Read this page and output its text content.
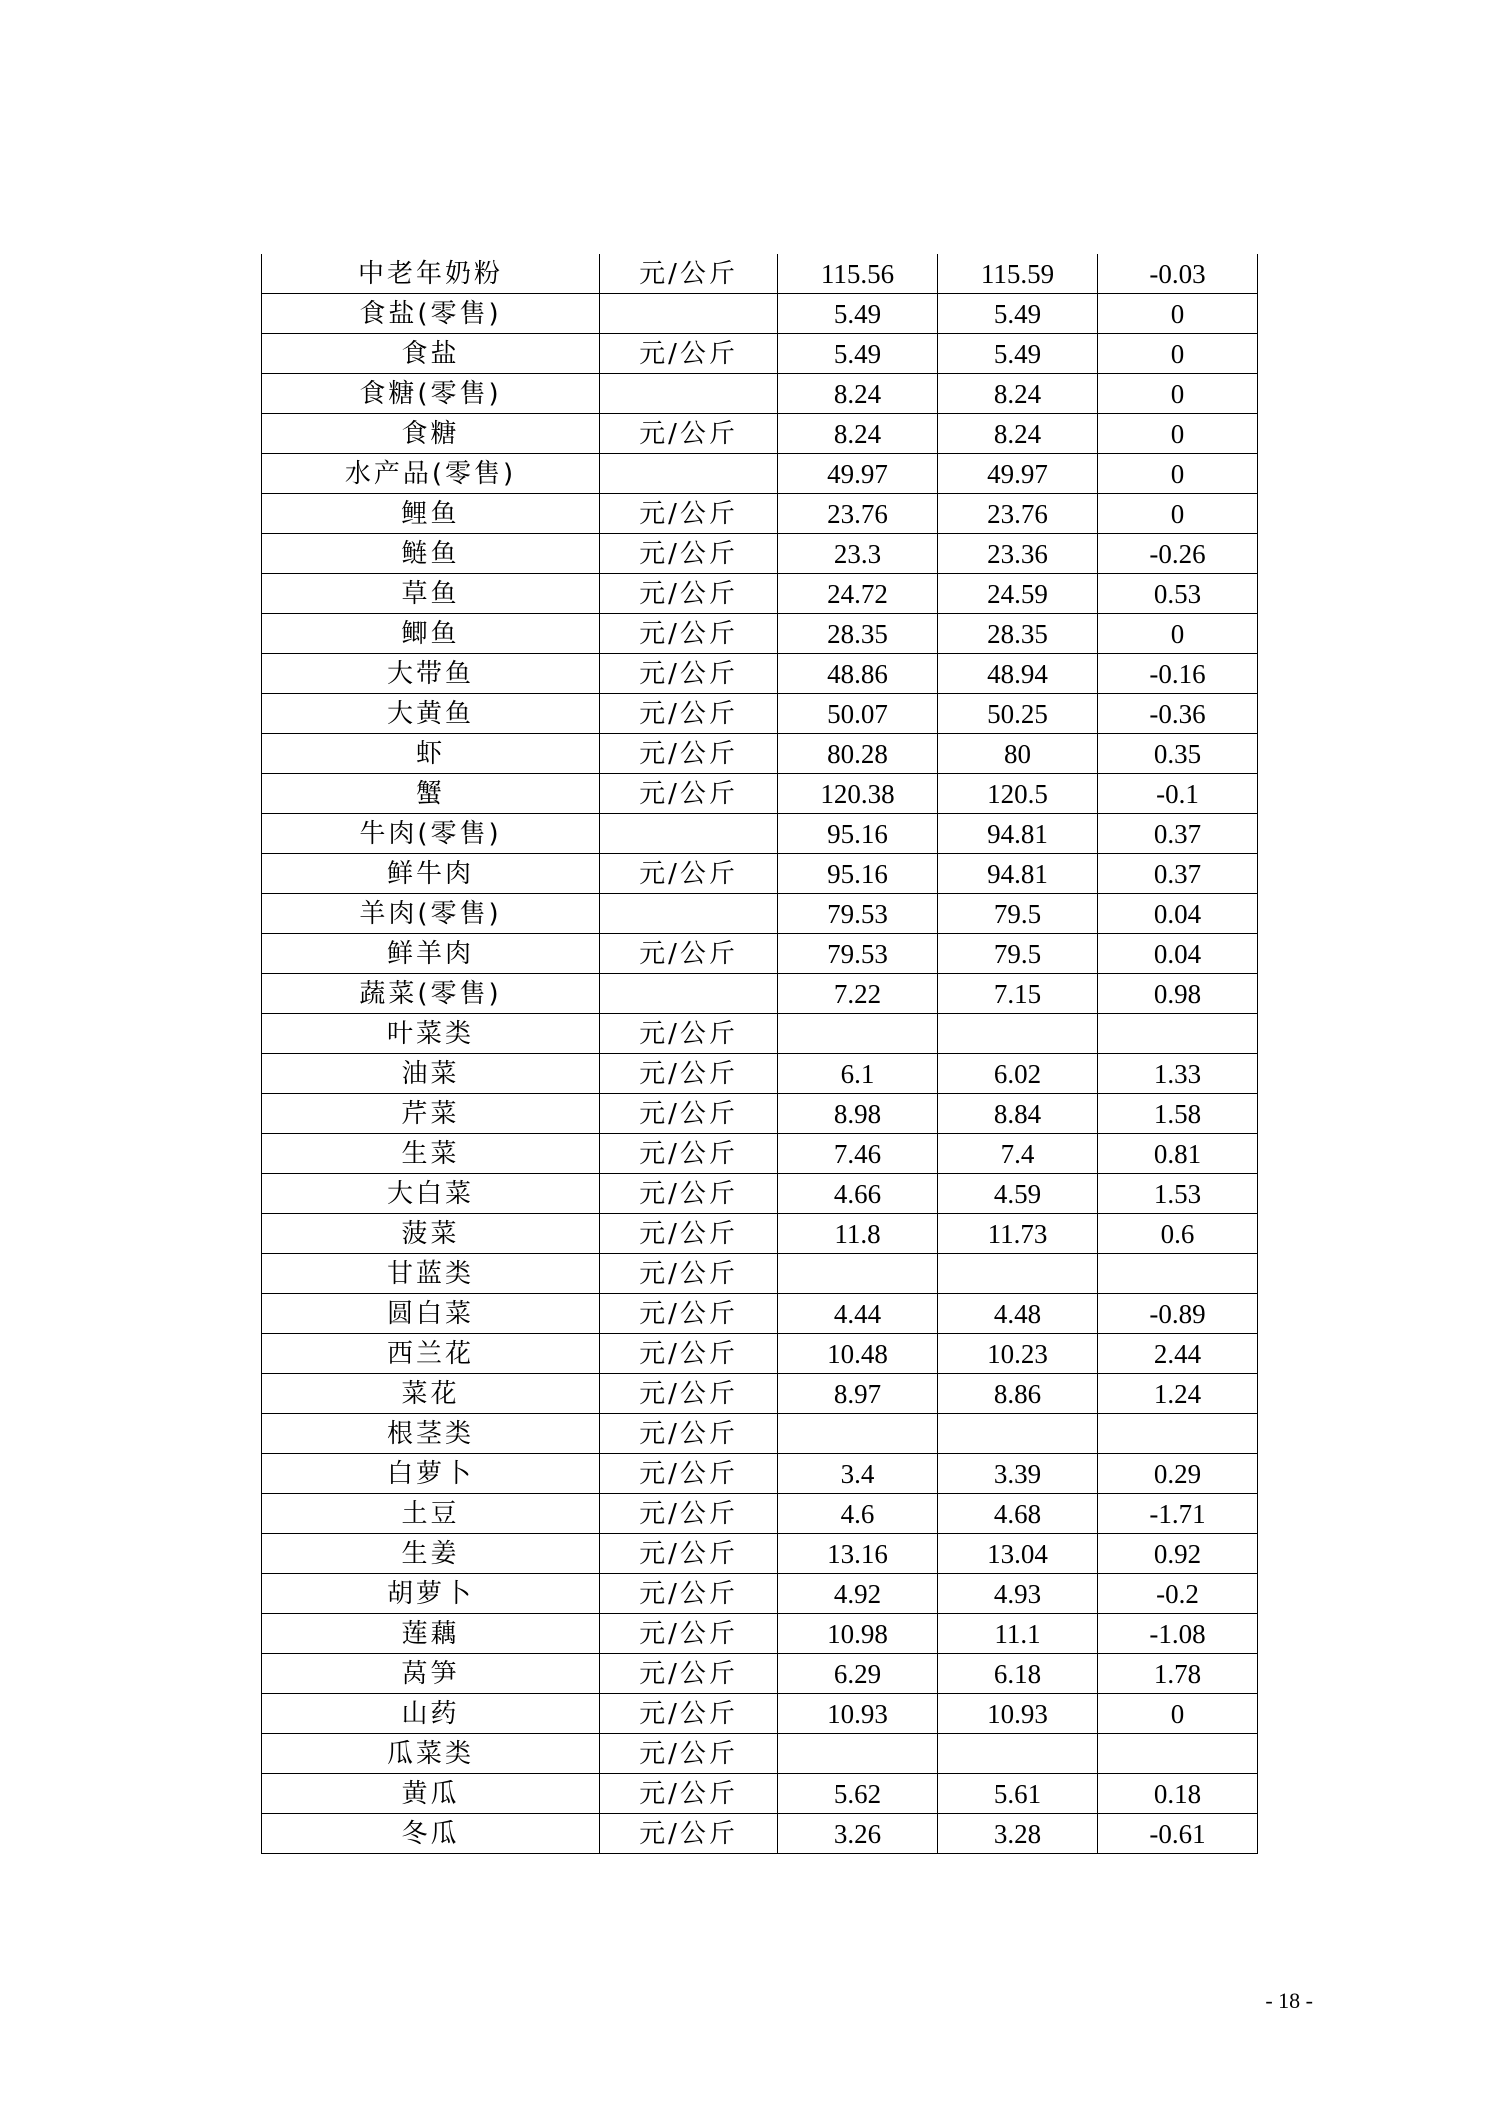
中老年奶粉	元/公斤	115.56	115.59	-0.03
食盐(零售)		5.49	5.49	0
食盐	元/公斤	5.49	5.49	0
食糖(零售)		8.24	8.24	0
食糖	元/公斤	8.24	8.24	0
水产品(零售)		49.97	49.97	0
鲤鱼	元/公斤	23.76	23.76	0
鲢鱼	元/公斤	23.3	23.36	-0.26
草鱼	元/公斤	24.72	24.59	0.53
鲫鱼	元/公斤	28.35	28.35	0
大带鱼	元/公斤	48.86	48.94	-0.16
大黄鱼	元/公斤	50.07	50.25	-0.36
虾	元/公斤	80.28	80	0.35
蟹	元/公斤	120.38	120.5	-0.1
牛肉(零售)		95.16	94.81	0.37
鲜牛肉	元/公斤	95.16	94.81	0.37
羊肉(零售)		79.53	79.5	0.04
鲜羊肉	元/公斤	79.53	79.5	0.04
蔬菜(零售)		7.22	7.15	0.98
叶菜类	元/公斤			
油菜	元/公斤	6.1	6.02	1.33
芹菜	元/公斤	8.98	8.84	1.58
生菜	元/公斤	7.46	7.4	0.81
大白菜	元/公斤	4.66	4.59	1.53
菠菜	元/公斤	11.8	11.73	0.6
甘蓝类	元/公斤			
圆白菜	元/公斤	4.44	4.48	-0.89
西兰花	元/公斤	10.48	10.23	2.44
菜花	元/公斤	8.97	8.86	1.24
根茎类	元/公斤			
白萝卜	元/公斤	3.4	3.39	0.29
土豆	元/公斤	4.6	4.68	-1.71
生姜	元/公斤	13.16	13.04	0.92
胡萝卜	元/公斤	4.92	4.93	-0.2
莲藕	元/公斤	10.98	11.1	-1.08
莴笋	元/公斤	6.29	6.18	1.78
山药	元/公斤	10.93	10.93	0
瓜菜类	元/公斤			
黄瓜	元/公斤	5.62	5.61	0.18
冬瓜	元/公斤	3.26	3.28	-0.61
- 18 -
